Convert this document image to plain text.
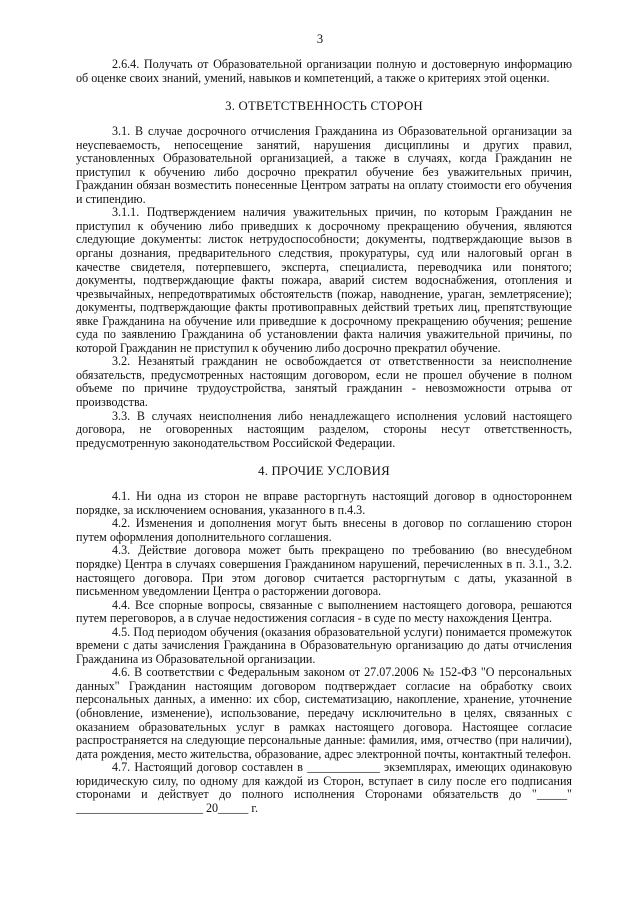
3

2.6.4. Получать от Образовательной организации полную и достоверную информацию об оценке своих знаний, умений, навыков и компетенций, а также о критериях этой оценки.

3. ОТВЕТСТВЕННОСТЬ СТОРОН

3.1. В случае досрочного отчисления Гражданина из Образовательной организации за неуспеваемость, непосещение занятий, нарушения дисциплины и других правил, установленных Образовательной организацией, а также в случаях, когда Гражданин не приступил к обучению либо досрочно прекратил обучение без уважительных причин, Гражданин обязан возместить понесенные Центром затраты на оплату стоимости его обучения и стипендию.

3.1.1. Подтверждением наличия уважительных причин, по которым Гражданин не приступил к обучению либо приведших к досрочному прекращению обучения, являются следующие документы: листок нетрудоспособности; документы, подтверждающие вызов в органы дознания, предварительного следствия, прокуратуры, суд или налоговый орган в качестве свидетеля, потерпевшего, эксперта, специалиста, переводчика или понятого; документы, подтверждающие факты пожара, аварий систем водоснабжения, отопления и чрезвычайных, непредотвратимых обстоятельств (пожар, наводнение, ураган, землетрясение); документы, подтверждающие факты противоправных действий третьих лиц, препятствующие явке Гражданина на обучение или приведшие к досрочному прекращению обучения; решение суда по заявлению Гражданина об установлении факта наличия уважительной причины, по которой Гражданин не приступил к обучению либо досрочно прекратил обучение.

3.2. Незанятый гражданин не освобождается от ответственности за неисполнение обязательств, предусмотренных настоящим договором, если не прошел обучение в полном объеме по причине трудоустройства, занятый гражданин - невозможности отрыва от производства.

3.3. В случаях неисполнения либо ненадлежащего исполнения условий настоящего договора, не оговоренных настоящим разделом, стороны несут ответственность, предусмотренную законодательством Российской Федерации.

4. ПРОЧИЕ УСЛОВИЯ

4.1. Ни одна из сторон не вправе расторгнуть настоящий договор в одностороннем порядке, за исключением основания, указанного в п.4.3.

4.2. Изменения и дополнения могут быть внесены в договор по соглашению сторон путем оформления дополнительного соглашения.

4.3. Действие договора может быть прекращено по требованию (во внесудебном порядке) Центра в случаях совершения Гражданином нарушений, перечисленных в п. 3.1., 3.2. настоящего договора. При этом договор считается расторгнутым с даты, указанной в письменном уведомлении Центра о расторжении договора.

4.4. Все спорные вопросы, связанные с выполнением настоящего договора, решаются путем переговоров, а в случае недостижения согласия - в суде по месту нахождения Центра.

4.5. Под периодом обучения (оказания образовательной услуги) понимается промежуток времени с даты зачисления Гражданина в Образовательную организацию до даты отчисления Гражданина из Образовательной организации.

4.6. В соответствии с Федеральным законом от 27.07.2006 № 152-ФЗ "О персональных данных" Гражданин настоящим договором подтверждает согласие на обработку своих персональных данных, а именно: их сбор, систематизацию, накопление, хранение, уточнение (обновление, изменение), использование, передачу исключительно в целях, связанных с оказанием образовательных услуг в рамках настоящего договора. Настоящее согласие распространяется на следующие персональные данные: фамилия, имя, отчество (при наличии), дата рождения, место жительства, образование, адрес электронной почты, контактный телефон.

4.7. Настоящий договор составлен в ____________ экземплярах, имеющих одинаковую юридическую силу, по одному для каждой из Сторон, вступает в силу после его подписания сторонами и действует до полного исполнения Сторонами обязательств до "_____" _____________________ 20_____ г.
